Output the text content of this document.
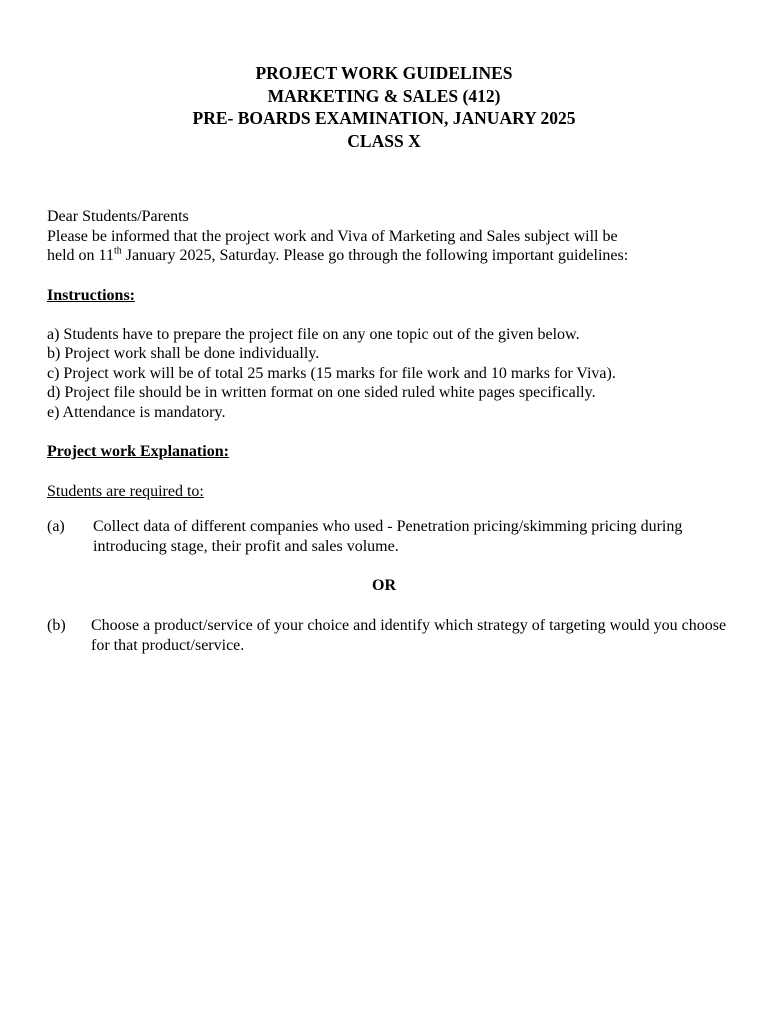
PROJECT WORK GUIDELINES
MARKETING & SALES (412)
PRE- BOARDS EXAMINATION, JANUARY 2025
CLASS X
Dear Students/Parents
Please be informed that the project work and Viva of Marketing and Sales subject will be
held on 11th January 2025, Saturday. Please go through the following important guidelines:
Instructions:
a) Students have to prepare the project file on any one topic out of the given below.
b) Project work shall be done individually.
c) Project work will be of total 25 marks (15 marks for file work and 10 marks for Viva).
d) Project file should be in written format on one sided ruled white pages specifically.
e) Attendance is mandatory.
Project work Explanation:
Students are required to:
(a) Collect data of different companies who used - Penetration pricing/skimming pricing during introducing stage, their profit and sales volume.
OR
(b) Choose a product/service of your choice and identify which strategy of targeting would you choose for that product/service.
